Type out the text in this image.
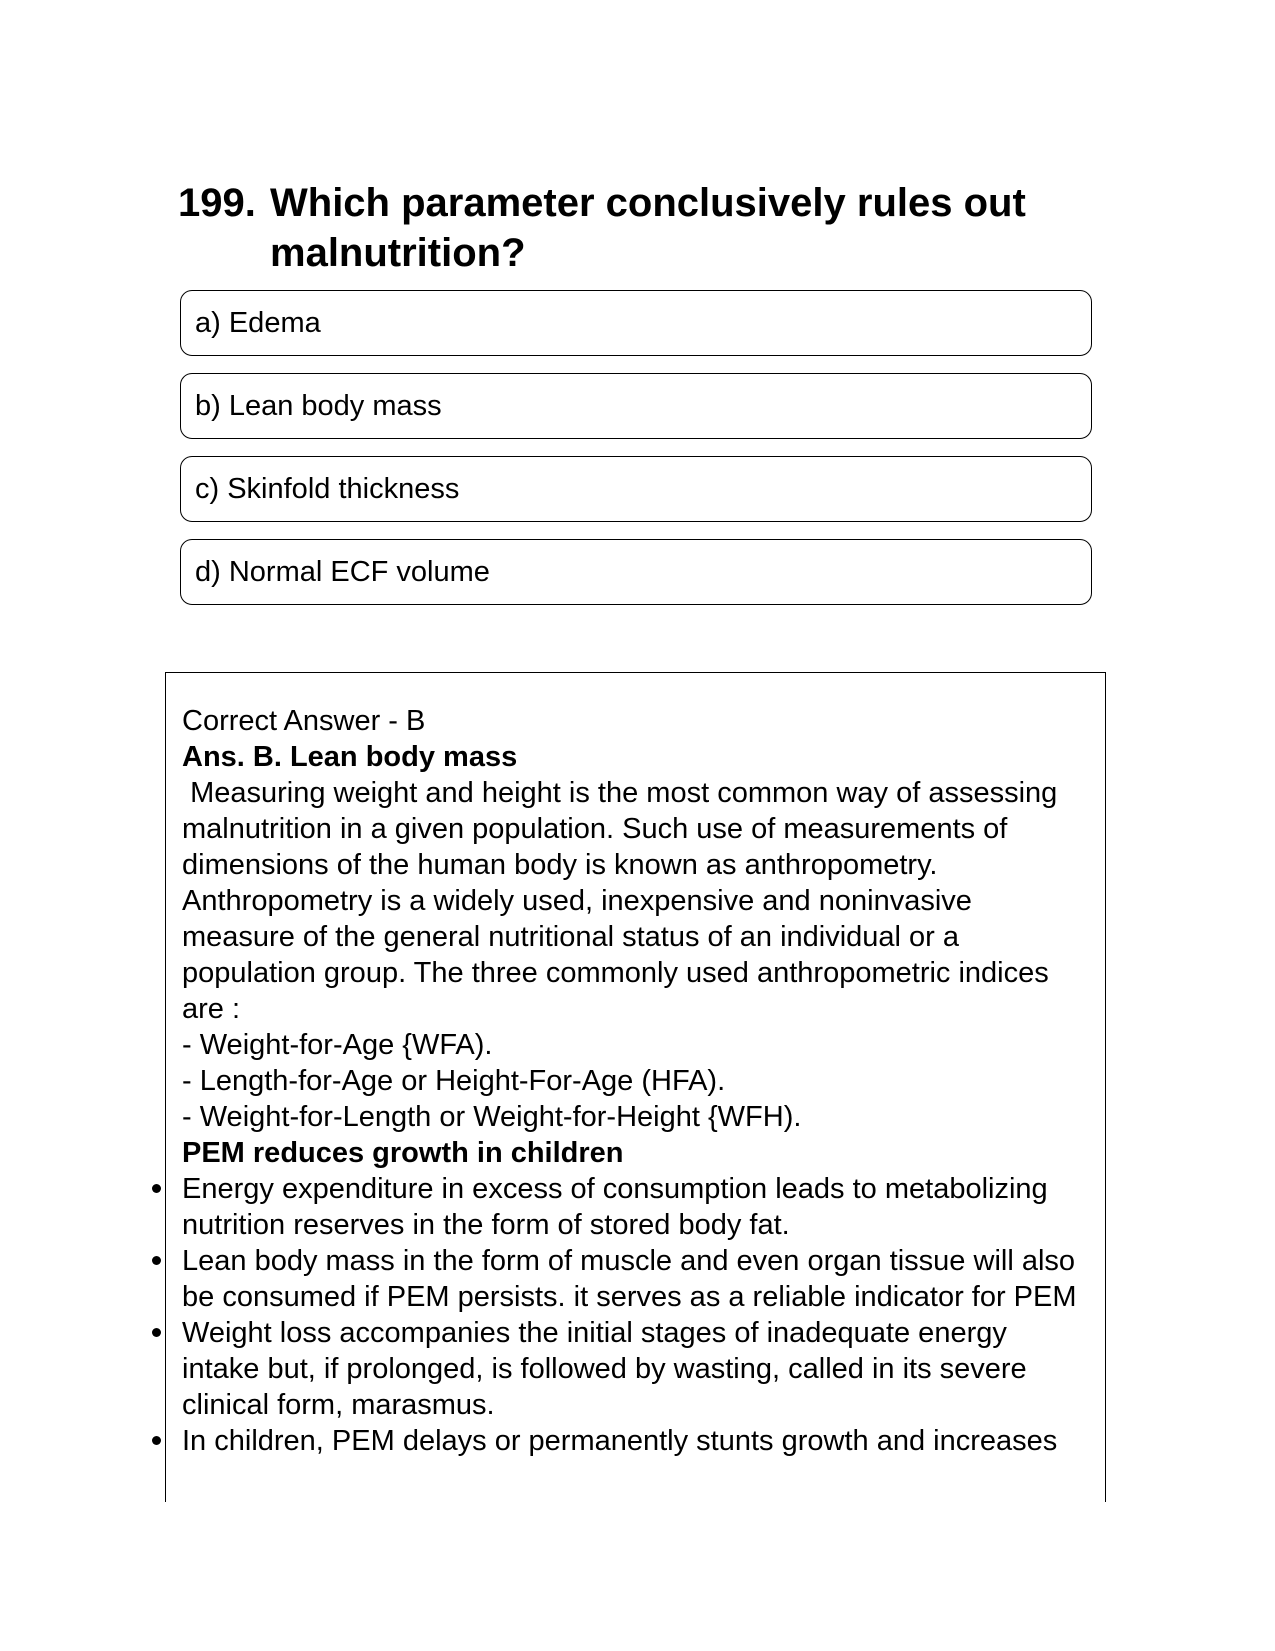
199. Which parameter conclusively rules out malnutrition?
a) Edema
b) Lean body mass
c) Skinfold thickness
d) Normal ECF volume
Correct Answer - B
Ans. B. Lean body mass
Measuring weight and height is the most common way of assessing malnutrition in a given population. Such use of measurements of dimensions of the human body is known as anthropometry. Anthropometry is a widely used, inexpensive and noninvasive measure of the general nutritional status of an individual or a population group. The three commonly used anthropometric indices are :
- Weight-for-Age {WFA).
- Length-for-Age or Height-For-Age (HFA).
- Weight-for-Length or Weight-for-Height {WFH).
PEM reduces growth in children
Energy expenditure in excess of consumption leads to metabolizing nutrition reserves in the form of stored body fat.
Lean body mass in the form of muscle and even organ tissue will also be consumed if PEM persists. it serves as a reliable indicator for PEM
Weight loss accompanies the initial stages of inadequate energy intake but, if prolonged, is followed by wasting, called in its severe clinical form, marasmus.
In children, PEM delays or permanently stunts growth and increases
